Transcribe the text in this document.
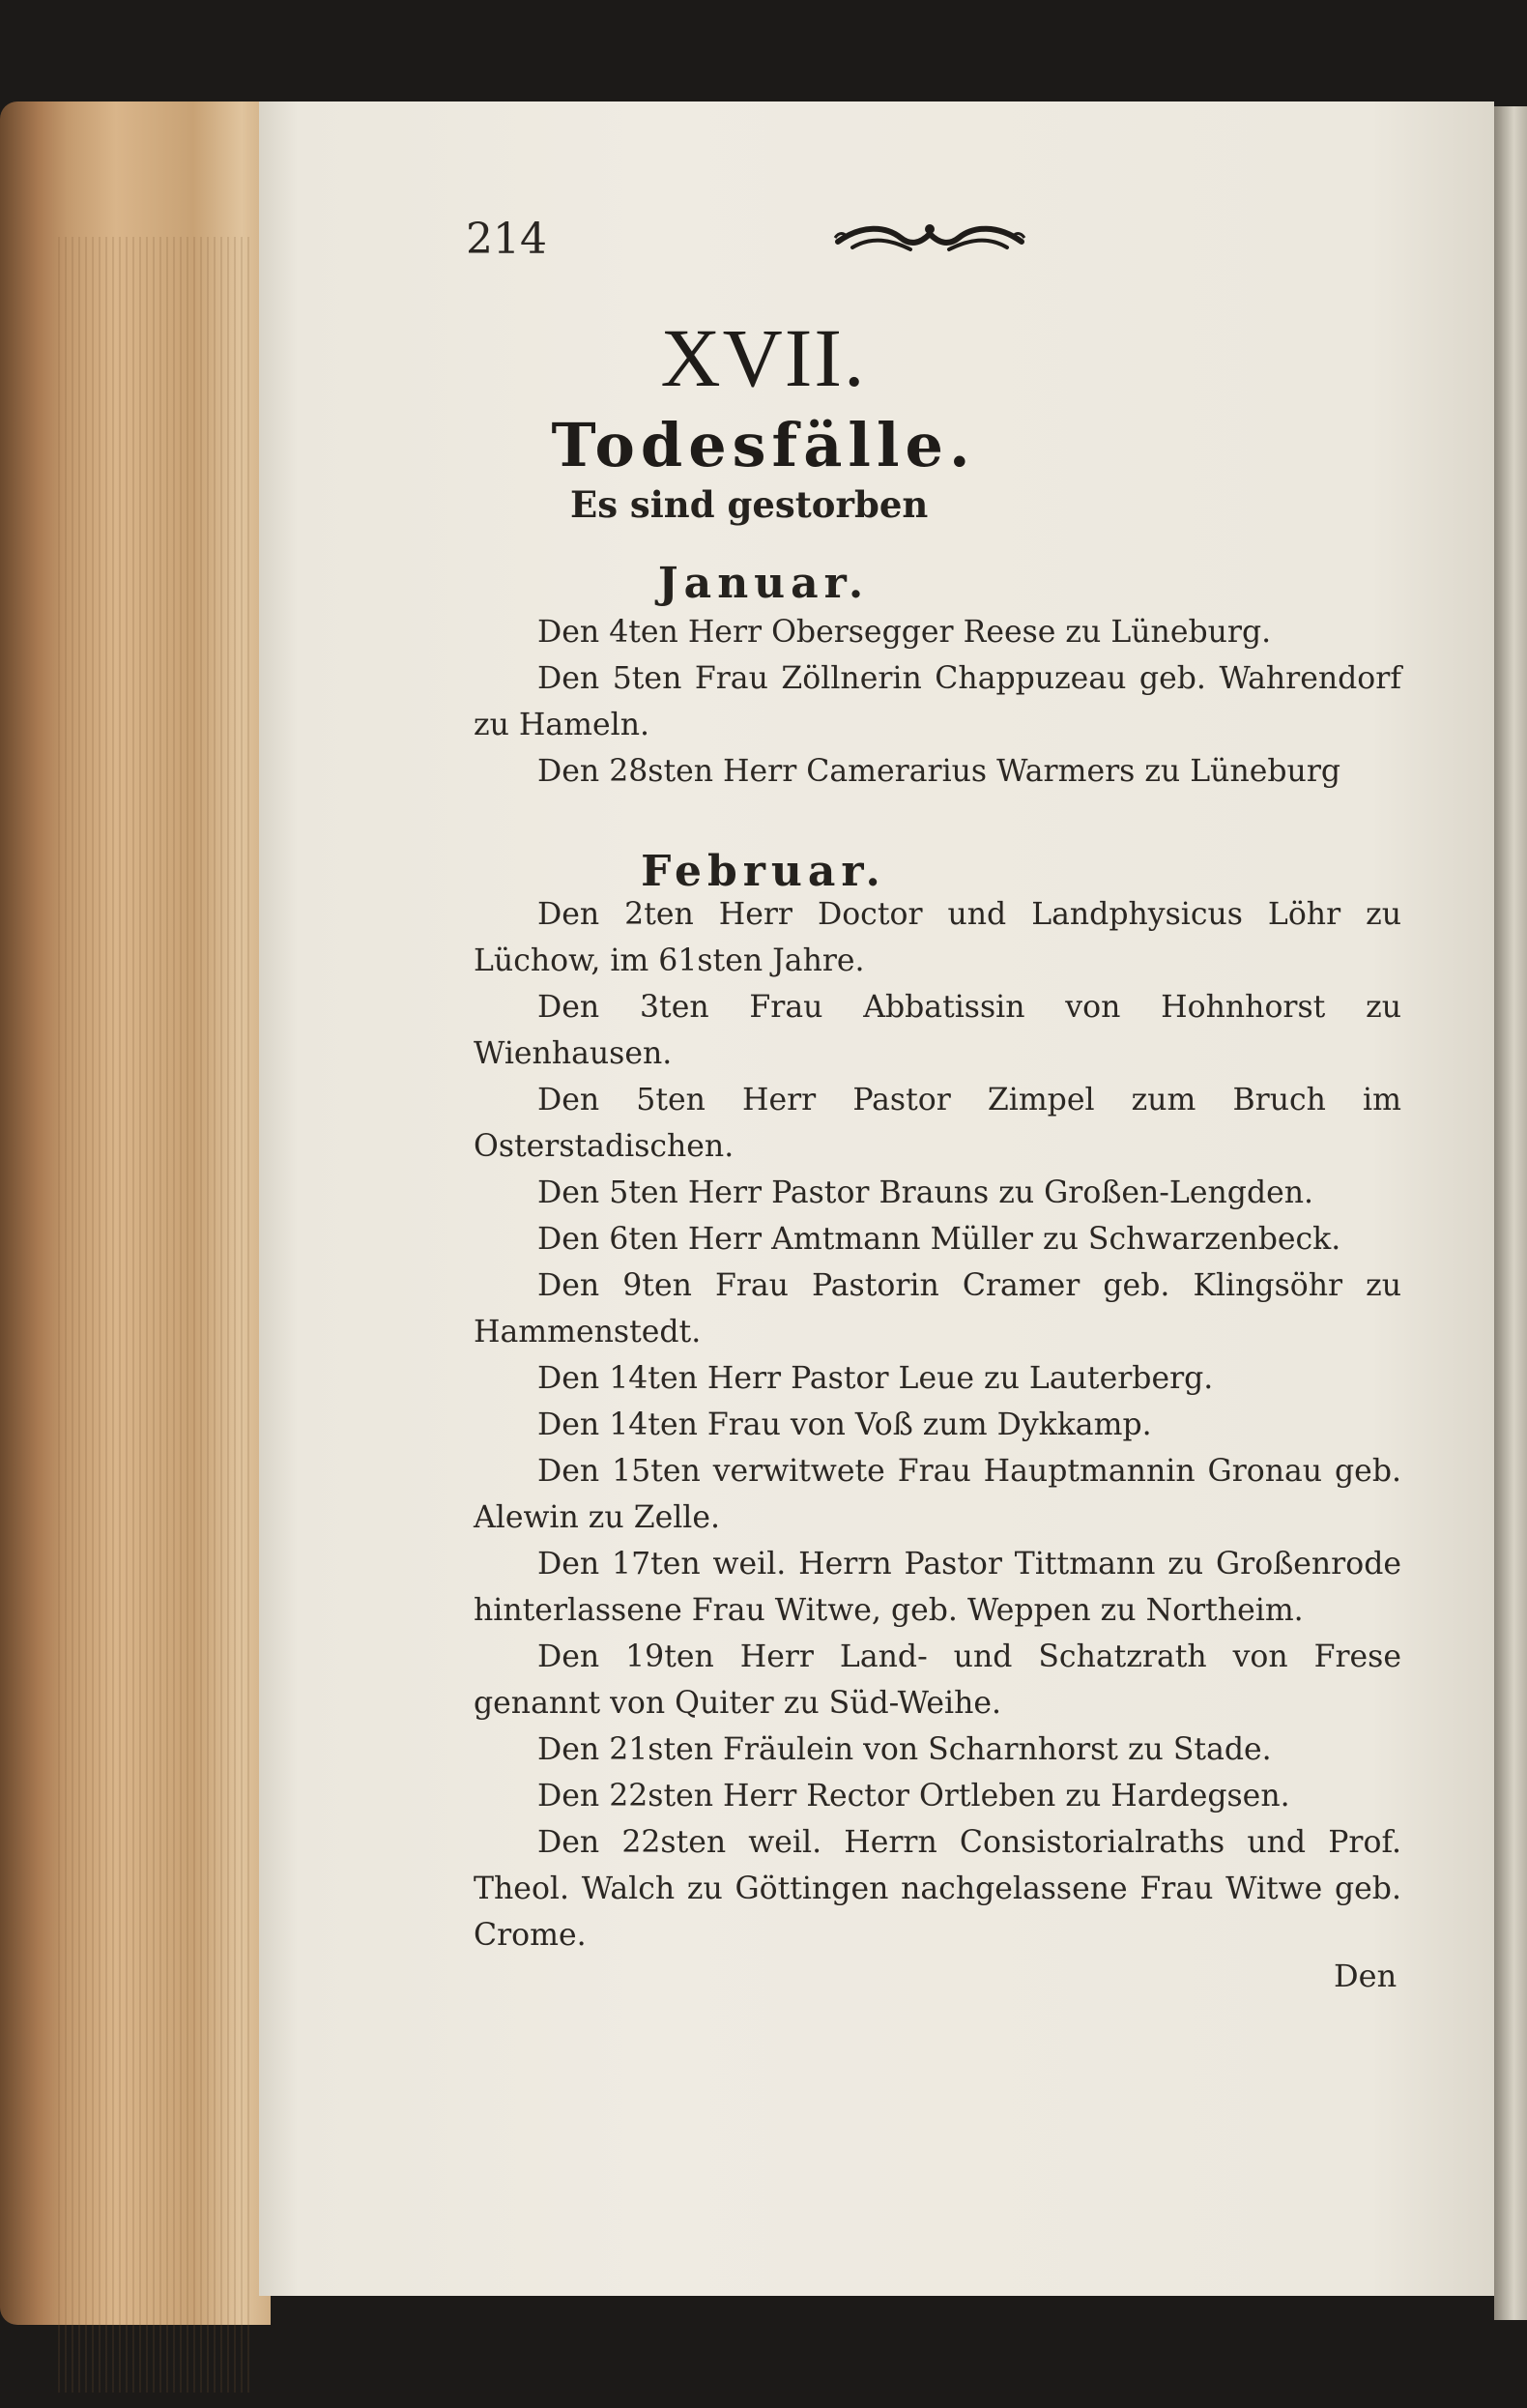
214
XVII.
Todesfälle.
Es sind gestorben
Januar.

Den 4ten Herr Obersegger Reese zu Lüneburg.

Den 5ten Frau Zöllnerin Chappuzeau geb. Wahrendorf zu Hameln.

Den 28sten Herr Camerarius Warmers zu Lüneburg

Februar.

Den 2ten Herr Doctor und Landphysicus Löhr zu Lüchow, im 61sten Jahre.

Den 3ten Frau Abbatissin von Hohnhorst zu Wienhausen.

Den 5ten Herr Pastor Zimpel zum Bruch im Osterstadischen.

Den 5ten Herr Pastor Brauns zu Großen-Lengden.

Den 6ten Herr Amtmann Müller zu Schwarzenbeck.

Den 9ten Frau Pastorin Cramer geb. Klingsöhr zu Hammenstedt.

Den 14ten Herr Pastor Leue zu Lauterberg.

Den 14ten Frau von Voß zum Dykkamp.

Den 15ten verwitwete Frau Hauptmannin Gronau geb. Alewin zu Zelle.

Den 17ten weil. Herrn Pastor Tittmann zu Großenrode hinterlassene Frau Witwe, geb. Weppen zu Northeim.

Den 19ten Herr Land- und Schatzrath von Frese genannt von Quiter zu Süd-Weihe.

Den 21sten Fräulein von Scharnhorst zu Stade.

Den 22sten Herr Rector Ortleben zu Hardegsen.

Den 22sten weil. Herrn Consistorialraths und Prof. Theol. Walch zu Göttingen nachgelassene Frau Witwe geb. Crome.

Den
